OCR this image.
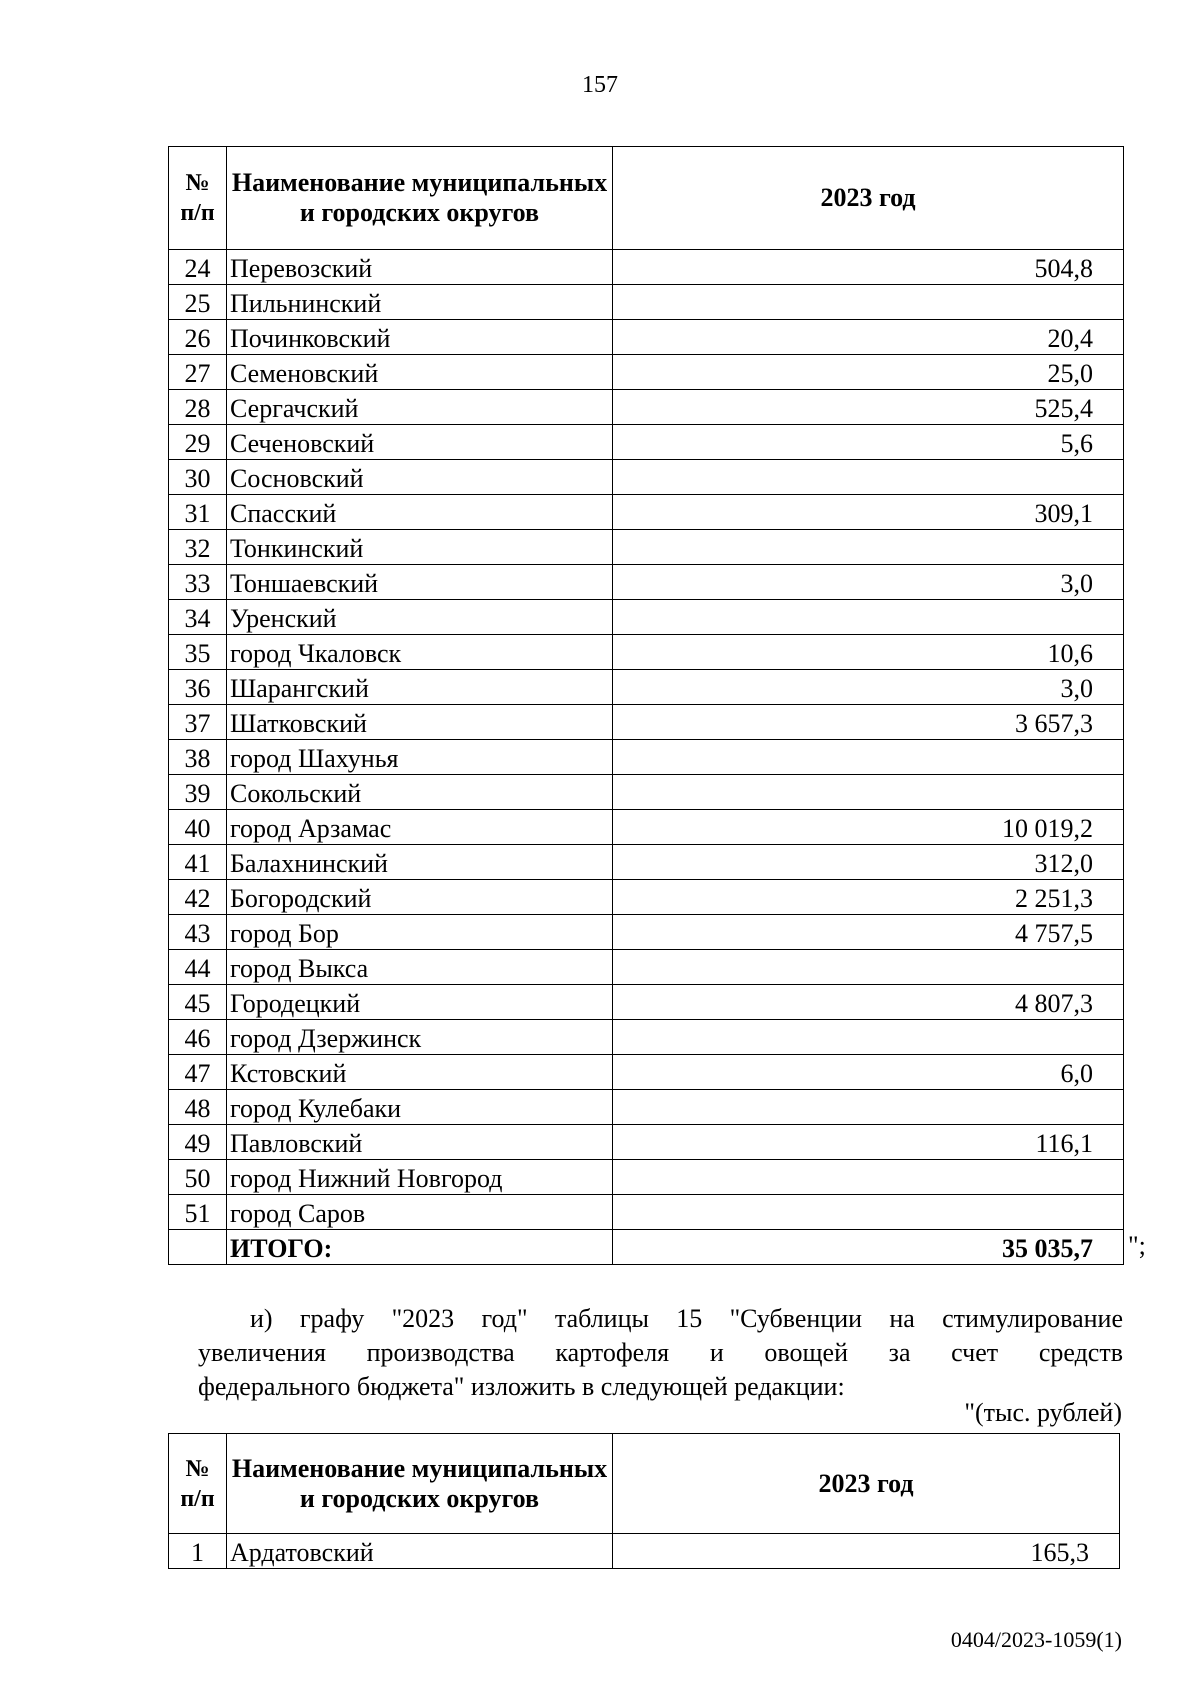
157
№ п/п	Наименование муниципальных и городских округов	2023 год
24	Перевозский	504,8
25	Пильнинский	
26	Починковский	20,4
27	Семеновский	25,0
28	Сергачский	525,4
29	Сеченовский	5,6
30	Сосновский	
31	Спасский	309,1
32	Тонкинский	
33	Тоншаевский	3,0
34	Уренский	
35	город Чкаловск	10,6
36	Шарангский	3,0
37	Шатковский	3 657,3
38	город Шахунья	
39	Сокольский	
40	город Арзамас	10 019,2
41	Балахнинский	312,0
42	Богородский	2 251,3
43	город Бор	4 757,5
44	город Выкса	
45	Городецкий	4 807,3
46	город Дзержинск	
47	Кстовский	6,0
48	город Кулебаки	
49	Павловский	116,1
50	город Нижний Новгород	
51	город Саров	
	ИТОГО:	35 035,7 ";
и) графу "2023 год" таблицы 15 "Субвенции на стимулирование
увеличения производства картофеля и овощей за счет средств
федерального бюджета" изложить в следующей редакции:
"(тыс. рублей)
№ п/п	Наименование муниципальных и городских округов	2023 год
1	Ардатовский	165,3
0404/2023-1059(1)
